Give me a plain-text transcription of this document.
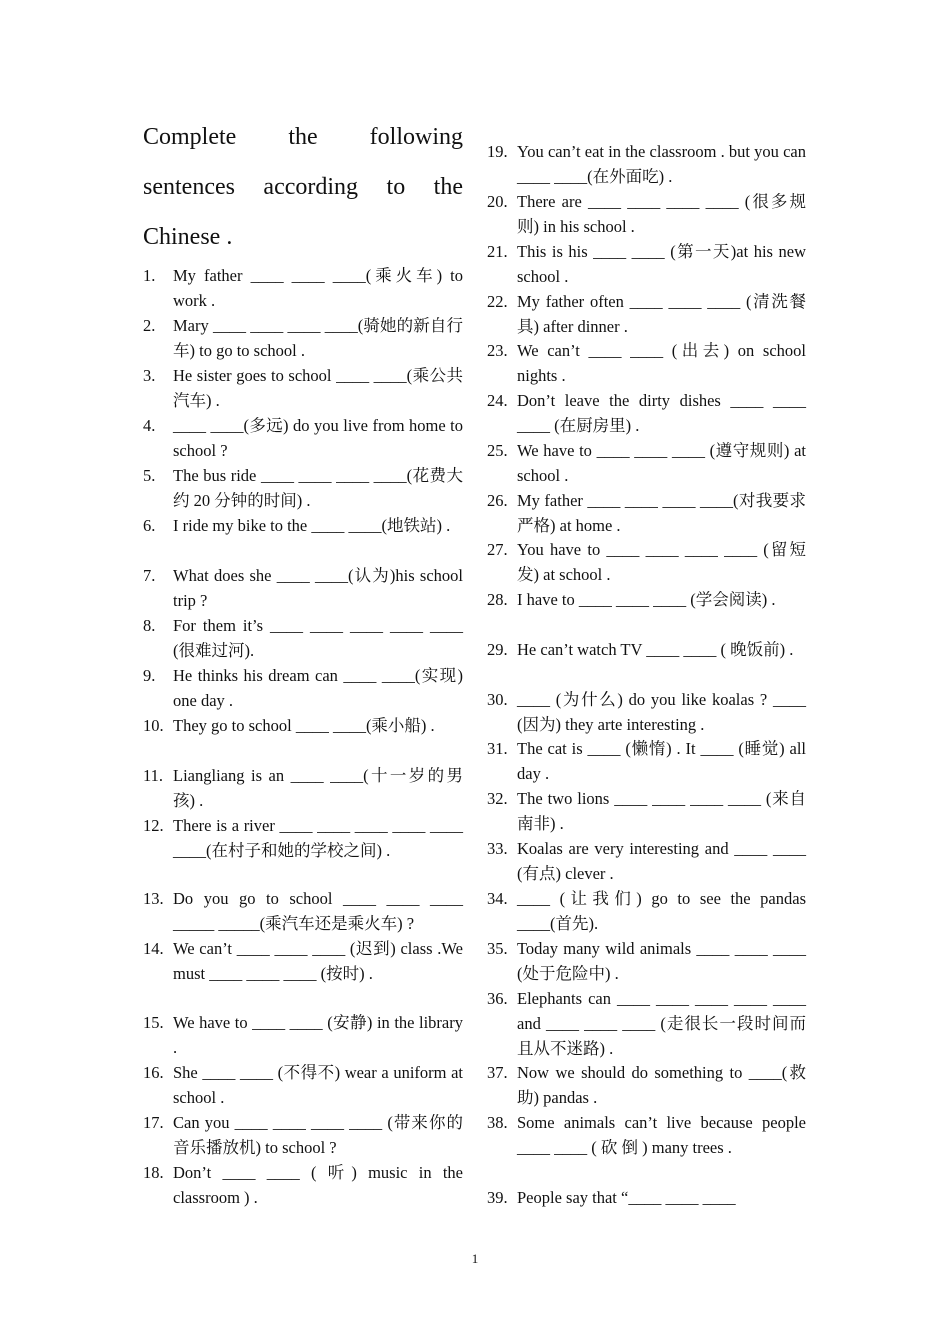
Complete the following sentences according to the Chinese .
1. My father ____ ____ ____(乘火车) to work .
2. Mary ____ ____ ____ ____(骑她的新自行车) to go to school .
3. He sister goes to school ____ ____(乘公共汽车) .
4. ____ ____(多远) do you live from home to school ?
5. The bus ride ____ ____ ____ ____(花费大约 20 分钟的时间) .
6. I ride my bike to the ____ ____(地铁站) .
7. What does she ____ ____(认为)his school trip ?
8. For them it’s ____ ____ ____ ____ ____ (很难过河).
9. He thinks his dream can ____ ____(实现) one day .
10. They go to school ____ ____(乘小船) .
11. Liangliang is an ____ ____(十一岁的男孩) .
12. There is a river ____ ____ ____ ____ ____ ____(在村子和她的学校之间) .
13. Do you go to school ____ ____ ____ _____ _____(乘汽车还是乘火车) ?
14. We can’t ____ ____ ____ (迟到) class .We must ____ ____ ____ (按时) .
15. We have to ____ ____ (安静) in the library .
16. She ____ ____ (不得不) wear a uniform at school .
17. Can you ____ ____ ____ ____ (带来你的音乐播放机) to school ?
18. Don’t ____ ____ ( 听) music in the classroom ) .
19. You can’t eat in the classroom . but you can ____ ____(在外面吃) .
20. There are ____ ____ ____ ____ (很多规则) in his school .
21. This is his ____ ____ (第一天)at his new school .
22. My father often ____ ____ ____ (清洗餐具) after dinner .
23. We can’t ____ ____ (出去) on school nights .
24. Don’t leave the dirty dishes ____ ____ ____ (在厨房里) .
25. We have to ____ ____ ____ (遵守规则) at school .
26. My father ____ ____ ____ ____(对我要求严格) at home .
27. You have to ____ ____ ____ ____ (留短发) at school .
28. I have to ____ ____ ____ (学会阅读) .
29. He can’t watch TV ____ ____ ( 晚饭前) .
30. ____ (为什么) do you like koalas ? ____ (因为) they arte interesting .
31. The cat is ____ (懒惰) . It ____ (睡觉) all day .
32. The two lions ____ ____ ____ ____ (来自南非) .
33. Koalas are very interesting and ____ ____ (有点) clever .
34. ____ (让我们) go to see the pandas ____(首先).
35. Today many wild animals ____ ____ ____ (处于危险中) .
36. Elephants can ____ ____ ____ ____ ____ and ____ ____ ____ (走很长一段时间而且从不迷路) .
37. Now we should do something to ____(救助) pandas .
38. Some animals can’t live because people ____ ____ ( 砍 倒 ) many trees .
39. People say that “____ ____ ____
1
